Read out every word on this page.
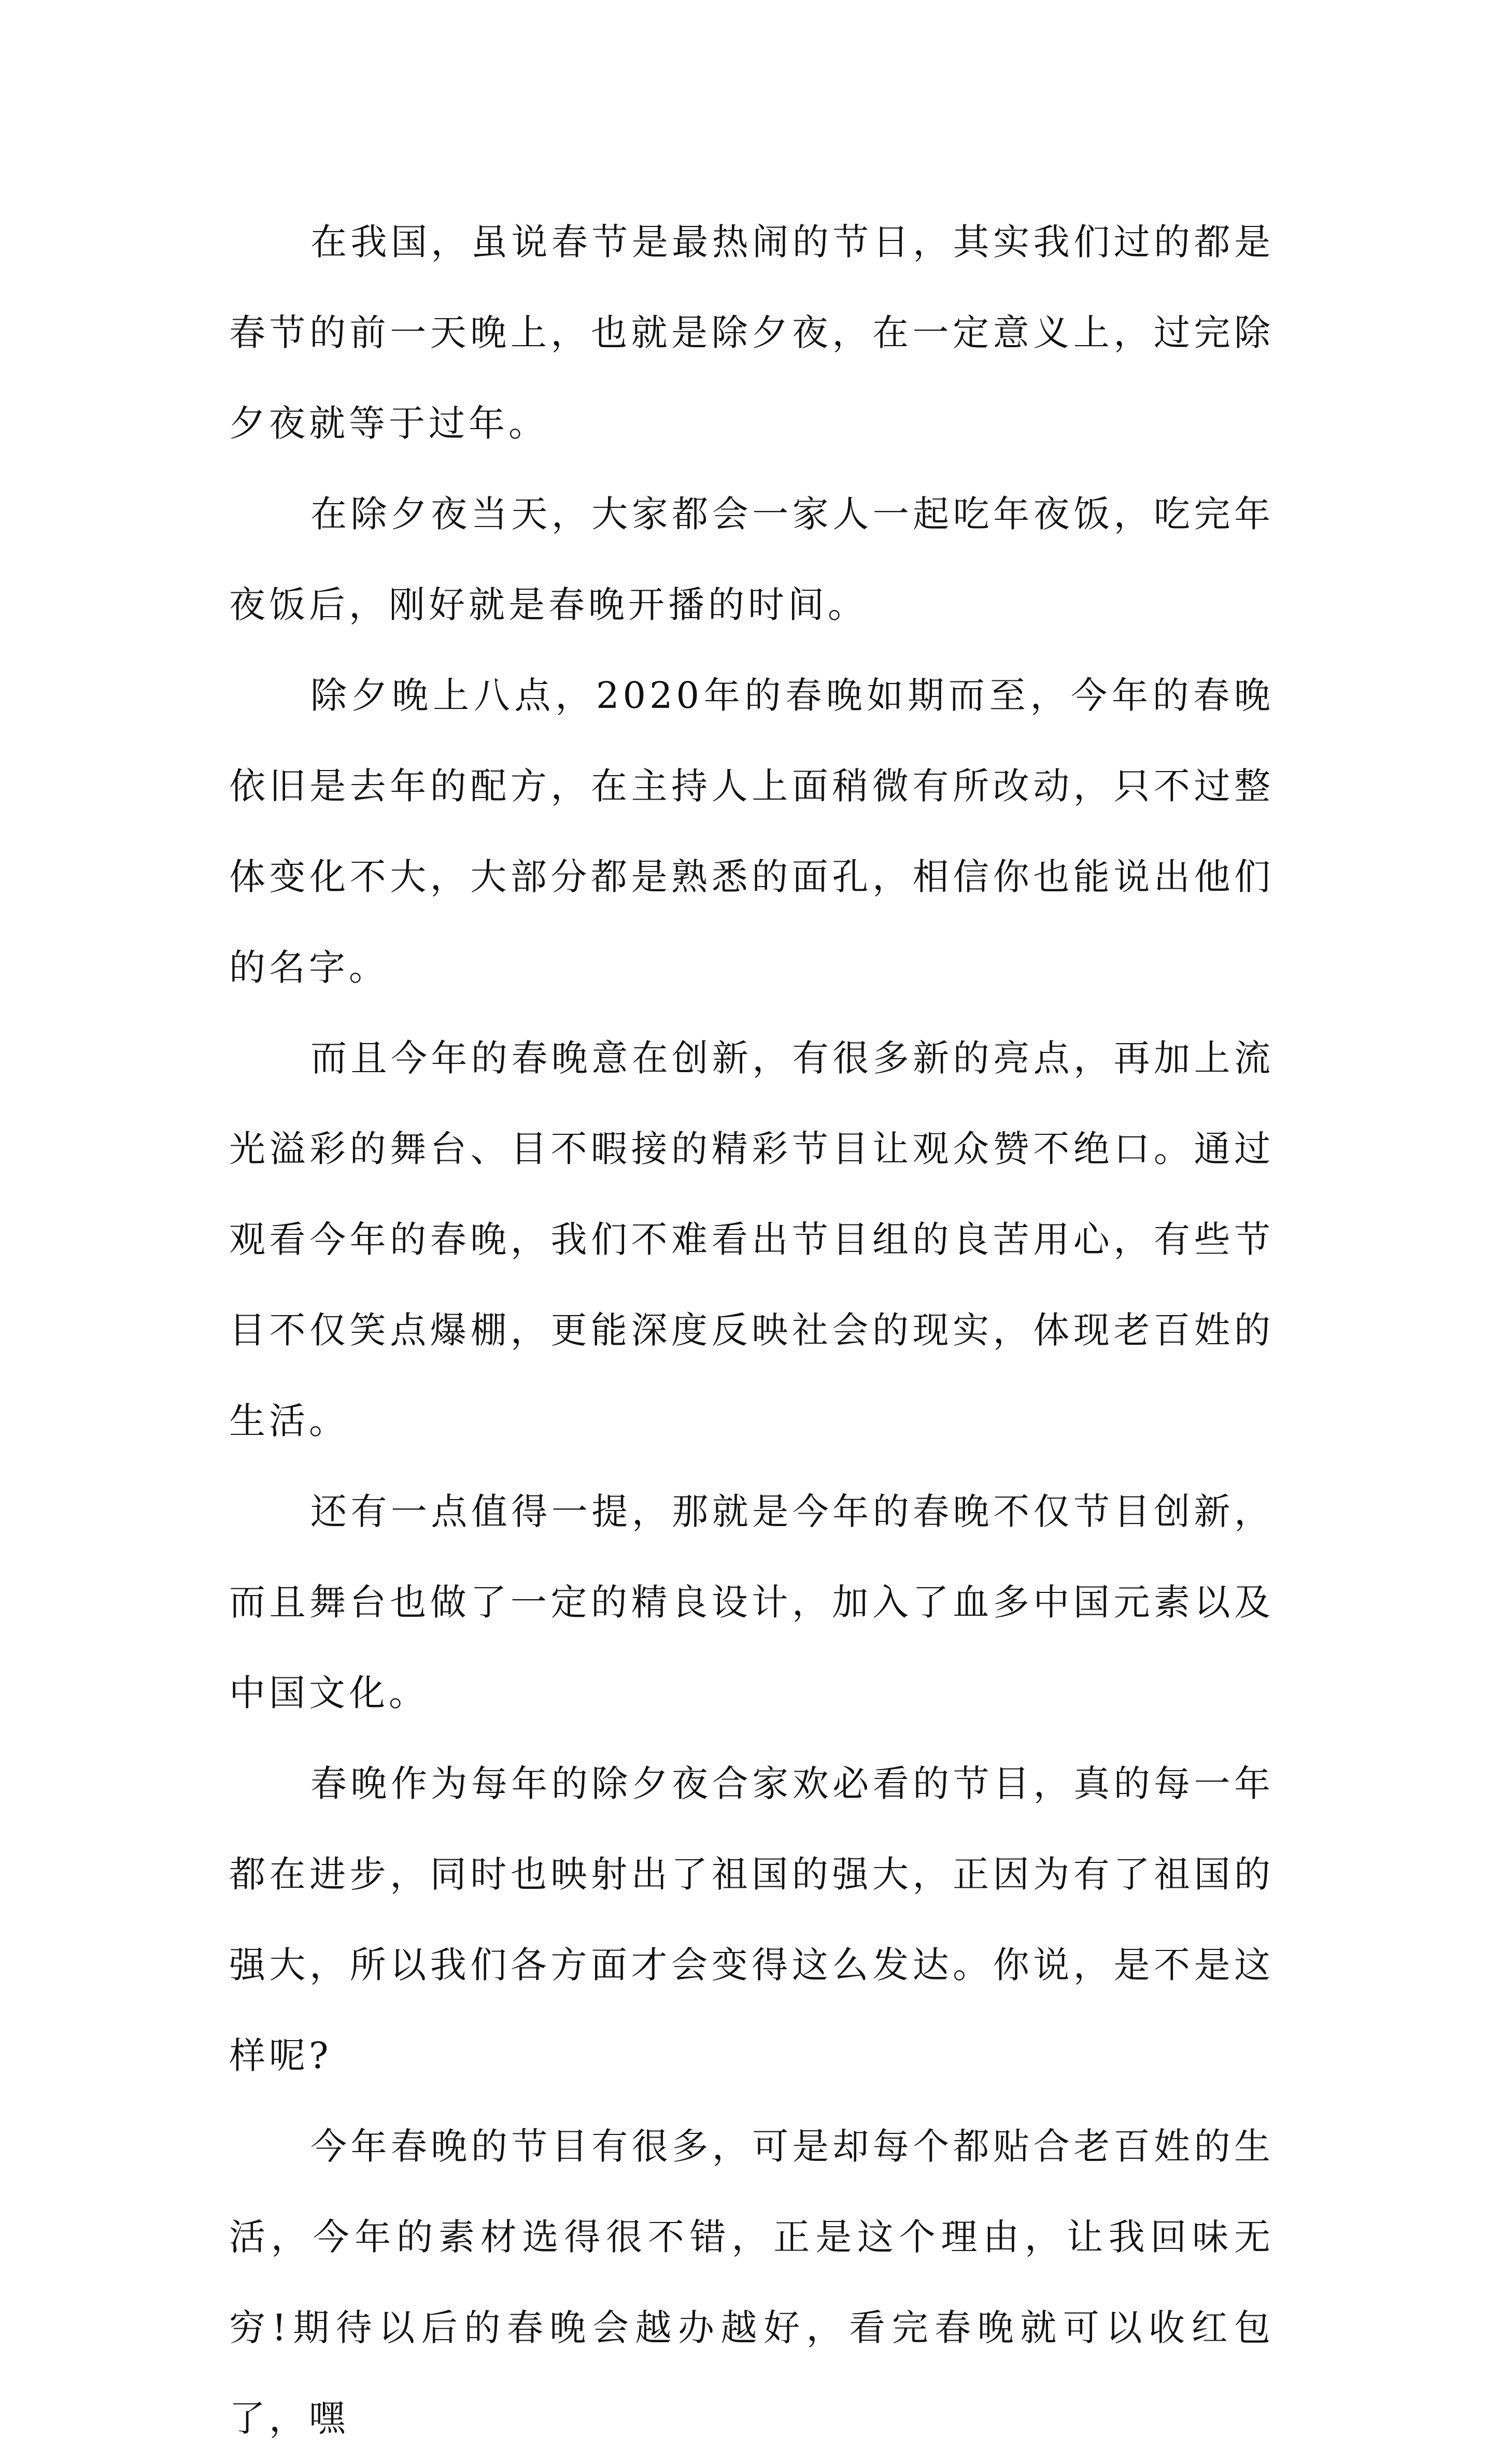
在我国，虽说春节是最热闹的节日，其实我们过的都是春节的前一天晚上，也就是除夕夜，在一定意义上，过完除夕夜就等于过年。

在除夕夜当天，大家都会一家人一起吃年夜饭，吃完年夜饭后，刚好就是春晚开播的时间。

除夕晚上八点，2020年的春晚如期而至，今年的春晚依旧是去年的配方，在主持人上面稍微有所改动，只不过整体变化不大，大部分都是熟悉的面孔，相信你也能说出他们的名字。

而且今年的春晚意在创新，有很多新的亮点，再加上流光溢彩的舞台、目不暇接的精彩节目让观众赞不绝口。通过观看今年的春晚，我们不难看出节目组的良苦用心，有些节目不仅笑点爆棚，更能深度反映社会的现实，体现老百姓的生活。

还有一点值得一提，那就是今年的春晚不仅节目创新，而且舞台也做了一定的精良设计，加入了血多中国元素以及中国文化。

春晚作为每年的除夕夜合家欢必看的节目，真的每一年都在进步，同时也映射出了祖国的强大，正因为有了祖国的强大，所以我们各方面才会变得这么发达。你说，是不是这样呢?

今年春晚的节目有很多，可是却每个都贴合老百姓的生活，今年的素材选得很不错，正是这个理由，让我回味无穷!期待以后的春晚会越办越好，看完春晚就可以收红包了，嘿
